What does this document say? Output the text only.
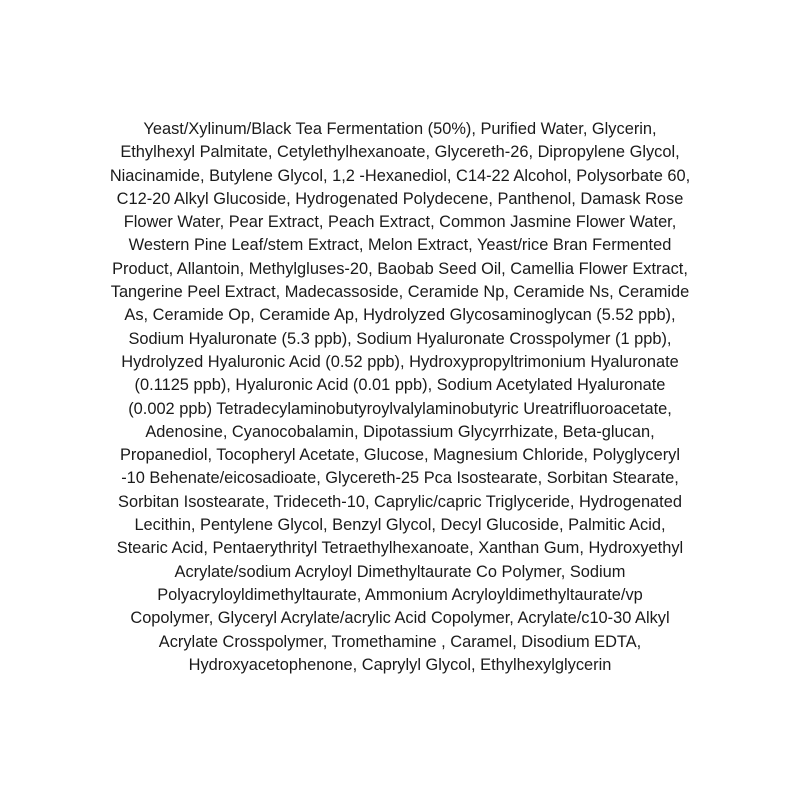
Yeast/Xylinum/Black Tea Fermentation (50%), Purified Water, Glycerin,
Ethylhexyl Palmitate, Cetylethylhexanoate, Glycereth-26, Dipropylene Glycol,
Niacinamide, Butylene Glycol, 1,2 -Hexanediol, C14-22 Alcohol, Polysorbate 60,
C12-20 Alkyl Glucoside, Hydrogenated Polydecene, Panthenol, Damask Rose
Flower Water, Pear Extract, Peach Extract, Common Jasmine Flower Water,
Western Pine Leaf/stem Extract, Melon Extract, Yeast/rice Bran Fermented
Product, Allantoin, Methylgluses-20, Baobab Seed Oil, Camellia Flower Extract,
Tangerine Peel Extract, Madecassoside, Ceramide Np, Ceramide Ns, Ceramide
As, Ceramide Op, Ceramide Ap, Hydrolyzed Glycosaminoglycan (5.52 ppb),
Sodium Hyaluronate (5.3 ppb), Sodium Hyaluronate Crosspolymer (1 ppb),
Hydrolyzed Hyaluronic Acid (0.52 ppb), Hydroxypropyltrimonium Hyaluronate
(0.1125 ppb), Hyaluronic Acid (0.01 ppb), Sodium Acetylated Hyaluronate
(0.002 ppb) Tetradecylaminobutyroylvalylaminobutyric Ureatrifluoroacetate,
Adenosine, Cyanocobalamin, Dipotassium Glycyrrhizate, Beta-glucan,
Propanediol, Tocopheryl Acetate, Glucose, Magnesium Chloride, Polyglyceryl
-10 Behenate/eicosadioate, Glycereth-25 Pca Isostearate, Sorbitan Stearate,
Sorbitan Isostearate, Trideceth-10, Caprylic/capric Triglyceride, Hydrogenated
Lecithin, Pentylene Glycol, Benzyl Glycol, Decyl Glucoside, Palmitic Acid,
Stearic Acid, Pentaerythrityl Tetraethylhexanoate, Xanthan Gum, Hydroxyethyl
Acrylate/sodium Acryloyl Dimethyltaurate Co Polymer, Sodium
Polyacryloyldimethyltaurate, Ammonium Acryloyldimethyltaurate/vp
Copolymer, Glyceryl Acrylate/acrylic Acid Copolymer, Acrylate/c10-30 Alkyl
Acrylate Crosspolymer, Tromethamine , Caramel, Disodium EDTA,
Hydroxyacetophenone, Caprylyl Glycol, Ethylhexylglycerin
